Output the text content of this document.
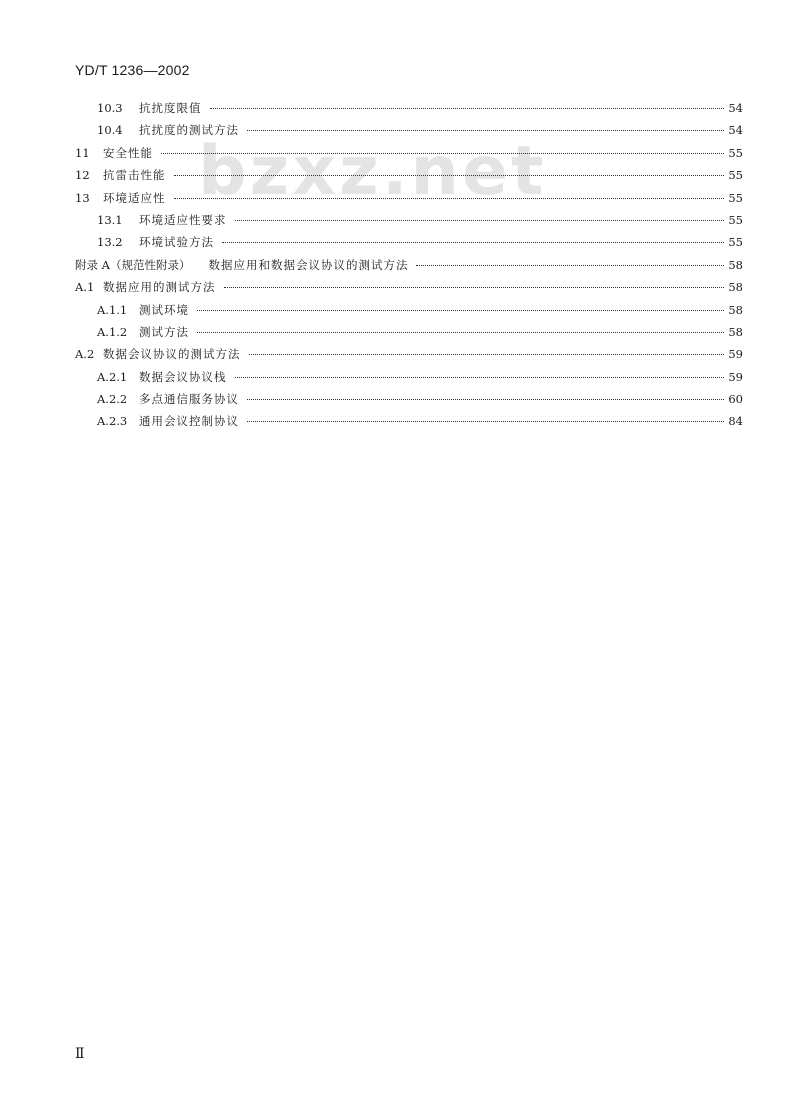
YD/T 1236—2002
bzxz.net
10.3	抗扰度限值	54
10.4	抗扰度的测试方法	54
11	安全性能	55
12	抗雷击性能	55
13	环境适应性	55
13.1	环境适应性要求	55
13.2	环境试验方法	55
附录 A（规范性附录） 数据应用和数据会议协议的测试方法	58
A.1 数据应用的测试方法	58
A.1.1	测试环境	58
A.1.2	测试方法	58
A.2 数据会议协议的测试方法	59
A.2.1	数据会议协议栈	59
A.2.2	多点通信服务协议	60
A.2.3	通用会议控制协议	84
Ⅱ
